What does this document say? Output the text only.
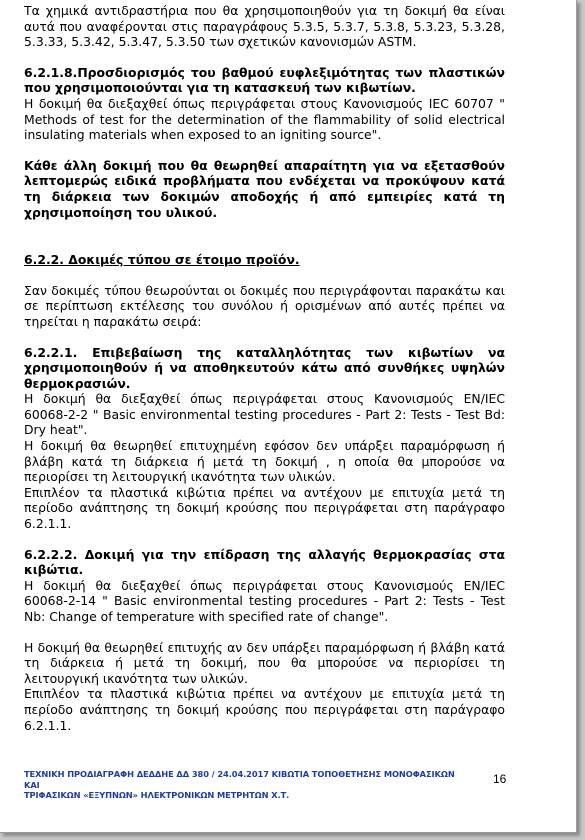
Τα χημικά αντιδραστήρια που θα χρησιμοποιηθούν για τη δοκιμή θα είναι αυτά που αναφέρονται στις παραγράφους 5.3.5, 5.3.7, 5.3.8, 5.3.23, 5.3.28, 5.3.33, 5.3.42, 5.3.47, 5.3.50 των σχετικών κανονισμών ASTM.

6.2.1.8.Προσδιορισμός του βαθμού ευφλεξιμότητας των πλαστικών που χρησιμοποιούνται για τη κατασκευή των κιβωτίων.

Η δοκιμή θα διεξαχθεί όπως περιγράφεται στους Κανονισμούς IEC 60707 " Methods of test for the determination of the flammability of solid electrical insulating materials when exposed to an igniting source".

Κάθε άλλη δοκιμή που θα θεωρηθεί απαραίτητη για να εξετασθούν λεπτομερώς ειδικά προβλήματα που ενδέχεται να προκύψουν κατά τη διάρκεια των δοκιμών αποδοχής ή από εμπειρίες κατά τη χρησιμοποίηση του υλικού.

6.2.2. Δοκιμές τύπου σε έτοιμο προϊόν.

Σαν δοκιμές τύπου θεωρούνται οι δοκιμές που περιγράφονται παρακάτω και σε περίπτωση εκτέλεσης του συνόλου ή ορισμένων από αυτές πρέπει να τηρείται η παρακάτω σειρά:

6.2.2.1. Επιβεβαίωση της καταλληλότητας των κιβωτίων να χρησιμοποιηθούν ή να αποθηκευτούν κάτω από συνθήκες υψηλών θερμοκρασιών.

Η δοκιμή θα διεξαχθεί όπως περιγράφεται στους Κανονισμούς EN/IEC 60068-2-2 " Basic environmental testing procedures - Part 2: Tests - Test Bd: Dry heat".

Η δοκιμή θα θεωρηθεί επιτυχημένη εφόσον δεν υπάρξει παραμόρφωση ή βλάβη κατά τη διάρκεια ή μετά τη δοκιμή , η οποία θα μπορούσε να περιορίσει τη λειτουργική ικανότητα των υλικών.

Επιπλέον τα πλαστικά κιβώτια πρέπει να αντέχουν με επιτυχία μετά τη περίοδο ανάπτησης τη δοκιμή κρούσης που περιγράφεται στη παράγραφο 6.2.1.1.

6.2.2.2. Δοκιμή για την επίδραση της αλλαγής θερμοκρασίας στα κιβώτια.

Η δοκιμή θα διεξαχθεί όπως περιγράφεται στους Κανονισμούς EN/IEC 60068-2-14 " Basic environmental testing procedures - Part 2: Tests - Test Nb: Change of temperature with specified rate of change".

Η δοκιμή θα θεωρηθεί επιτυχής αν δεν υπάρξει παραμόρφωση ή βλάβη κατά τη διάρκεια ή μετά τη δοκιμή, που θα μπορούσε να περιορίσει τη λειτουργική ικανότητα των υλικών.

Επιπλέον τα πλαστικά κιβώτια πρέπει να αντέχουν με επιτυχία μετά τη περίοδο ανάπτησης τη δοκιμή κρούσης που περιγράφεται στη παράγραφο 6.2.1.1.

ΤΕΧΝΙΚΗ ΠΡΟΔΙΑΓΡΑΦΗ ΔΕΔΔΗΕ ΔΔ 380 / 24.04.2017 ΚΙΒΩΤΙΑ ΤΟΠΟΘΕΤΗΣΗΣ ΜΟΝΟΦΑΣΙΚΩΝ ΚΑΙ
ΤΡΙΦΑΣΙΚΩΝ «ΕΞΥΠΝΩΝ» ΗΛΕΚΤΡΟΝΙΚΩΝ ΜΕΤΡΗΤΩΝ Χ.Τ.
16
